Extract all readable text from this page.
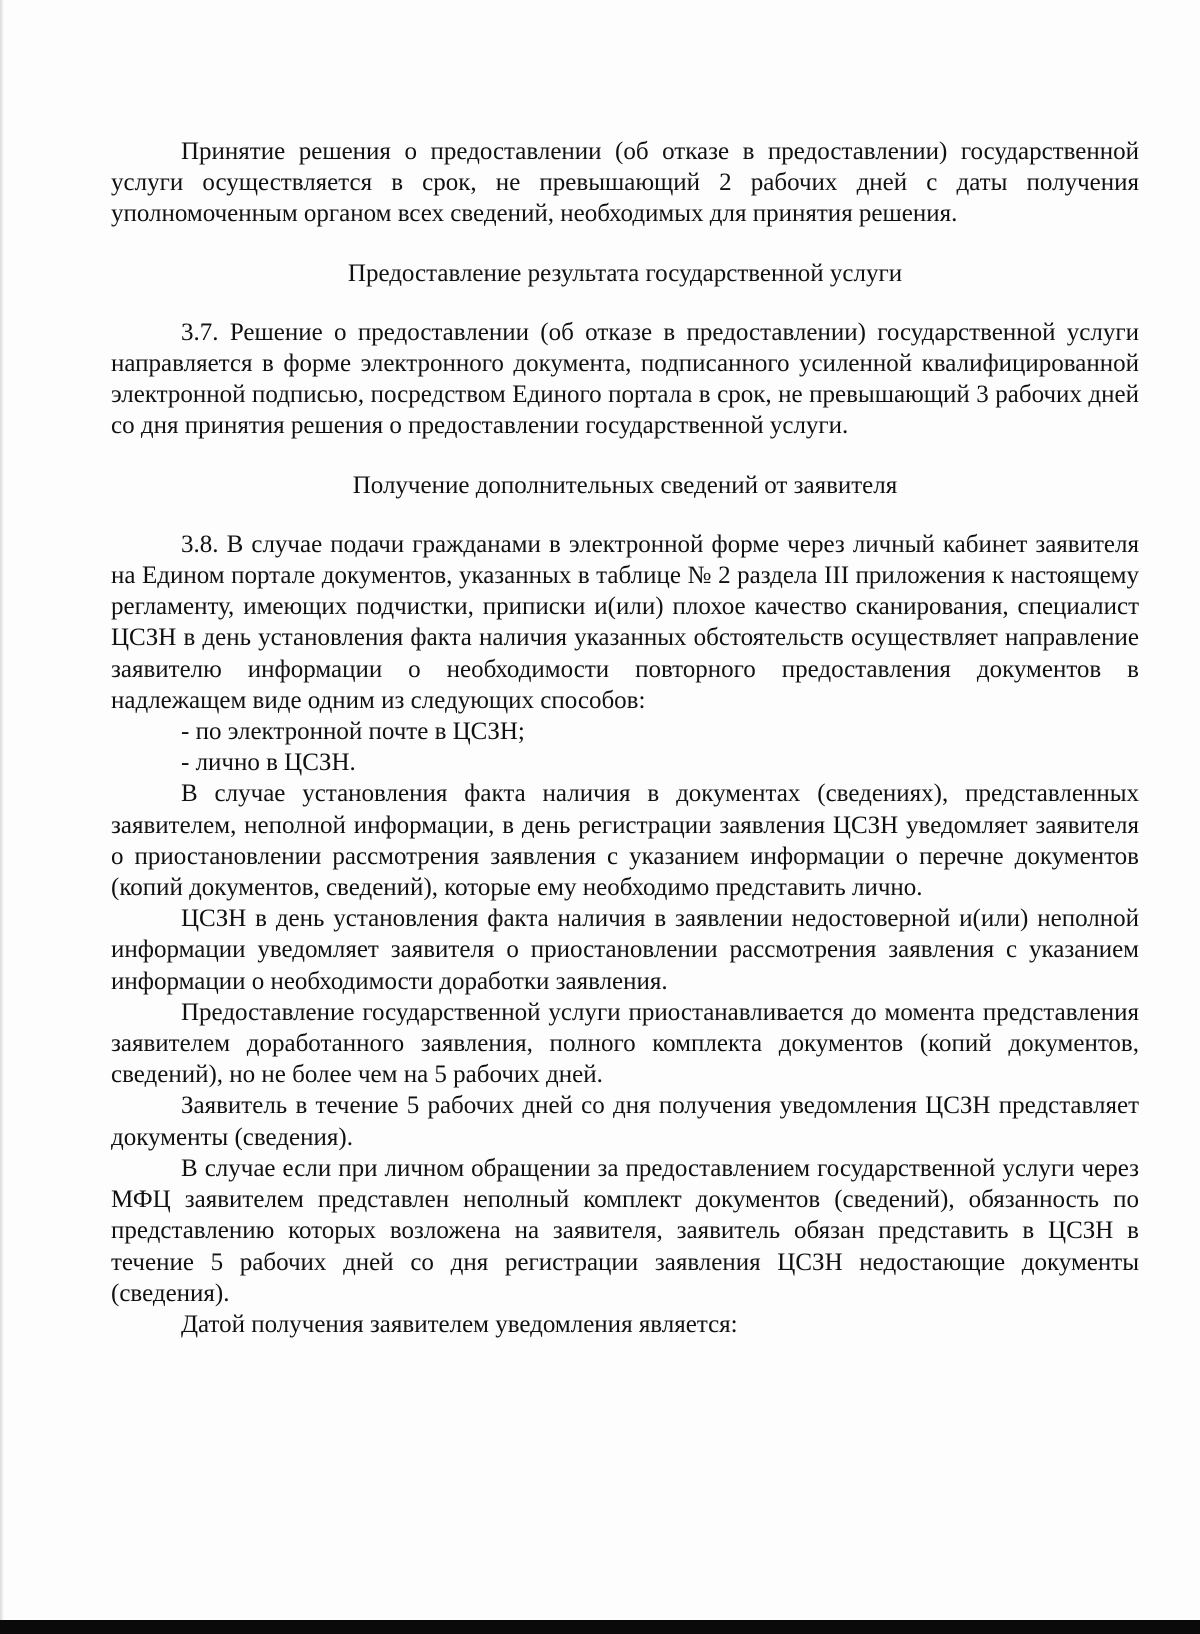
Принятие решения о предоставлении (об отказе в предоставлении) государственной услуги осуществляется в срок, не превышающий 2 рабочих дней с даты получения уполномоченным органом всех сведений, необходимых для принятия решения.

Предоставление результата государственной услуги

3.7. Решение о предоставлении (об отказе в предоставлении) государственной услуги направляется в форме электронного документа, подписанного усиленной квалифицированной электронной подписью, посредством Единого портала в срок, не превышающий 3 рабочих дней со дня принятия решения о предоставлении государственной услуги.

Получение дополнительных сведений от заявителя

3.8. В случае подачи гражданами в электронной форме через личный кабинет заявителя на Едином портале документов, указанных в таблице № 2 раздела III приложения к настоящему регламенту, имеющих подчистки, приписки и(или) плохое качество сканирования, специалист ЦСЗН в день установления факта наличия указанных обстоятельств осуществляет направление заявителю информации о необходимости повторного предоставления документов в надлежащем виде одним из следующих способов:

- по электронной почте в ЦСЗН;

- лично в ЦСЗН.

В случае установления факта наличия в документах (сведениях), представленных заявителем, неполной информации, в день регистрации заявления ЦСЗН уведомляет заявителя о приостановлении рассмотрения заявления с указанием информации о перечне документов (копий документов, сведений), которые ему необходимо представить лично.

ЦСЗН в день установления факта наличия в заявлении недостоверной и(или) неполной информации уведомляет заявителя о приостановлении рассмотрения заявления с указанием информации о необходимости доработки заявления.

Предоставление государственной услуги приостанавливается до момента представления заявителем доработанного заявления, полного комплекта документов (копий документов, сведений), но не более чем на 5 рабочих дней.

Заявитель в течение 5 рабочих дней со дня получения уведомления ЦСЗН представляет документы (сведения).

В случае если при личном обращении за предоставлением государственной услуги через МФЦ заявителем представлен неполный комплект документов (сведений), обязанность по представлению которых возложена на заявителя, заявитель обязан представить в ЦСЗН в течение 5 рабочих дней со дня регистрации заявления ЦСЗН недостающие документы (сведения).

Датой получения заявителем уведомления является:
